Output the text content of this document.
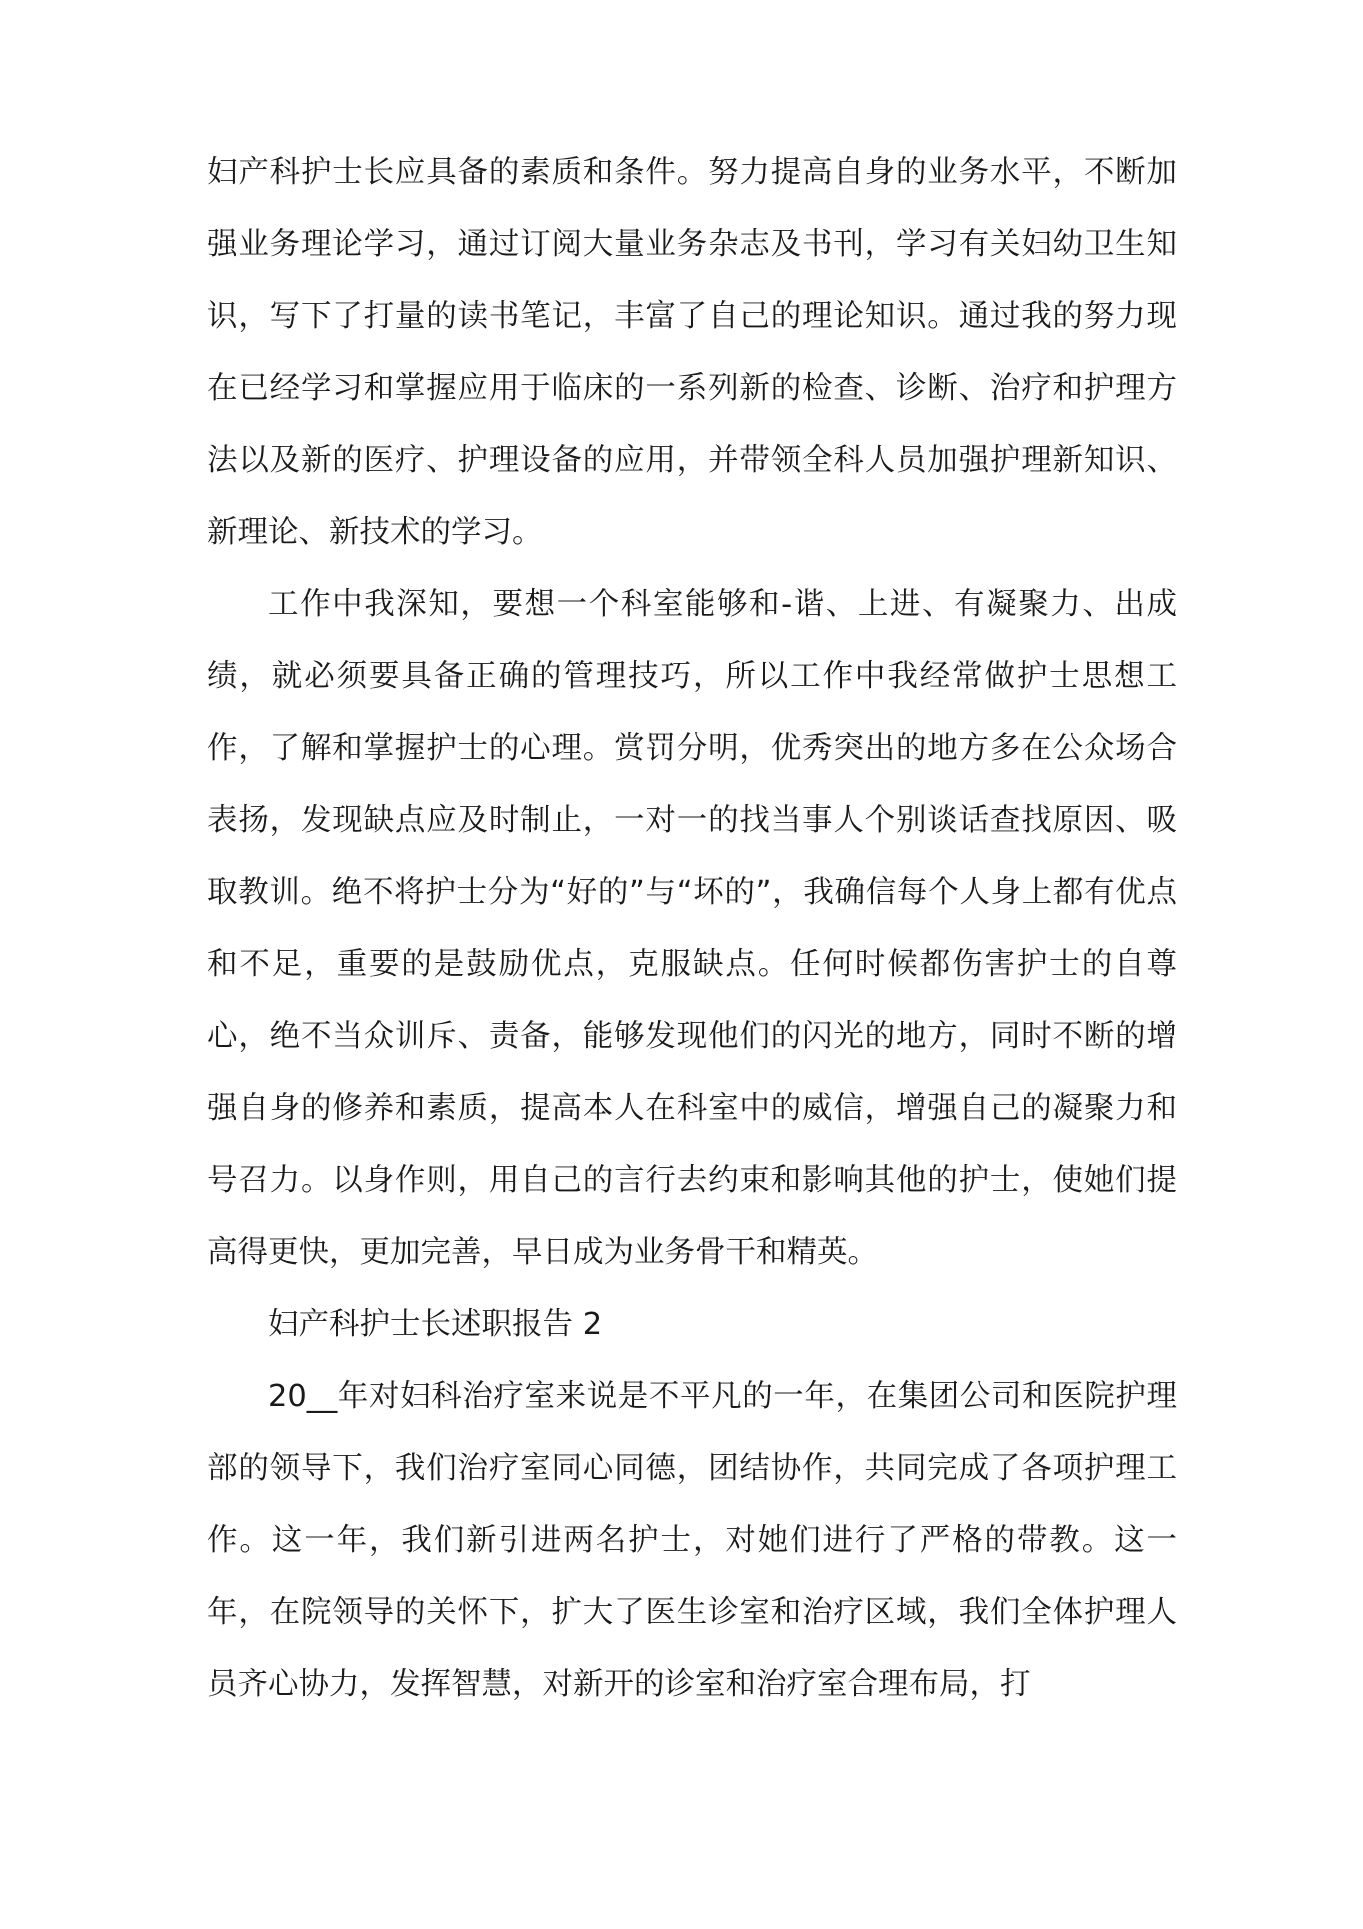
妇产科护士长应具备的素质和条件。努力提高自身的业务水平，不断加强业务理论学习，通过订阅大量业务杂志及书刊，学习有关妇幼卫生知识，写下了打量的读书笔记，丰富了自己的理论知识。通过我的努力现在已经学习和掌握应用于临床的一系列新的检查、诊断、治疗和护理方法以及新的医疗、护理设备的应用，并带领全科人员加强护理新知识、新理论、新技术的学习。

工作中我深知，要想一个科室能够和-谐、上进、有凝聚力、出成绩，就必须要具备正确的管理技巧，所以工作中我经常做护士思想工作，了解和掌握护士的心理。赏罚分明，优秀突出的地方多在公众场合表扬，发现缺点应及时制止，一对一的找当事人个别谈话查找原因、吸取教训。绝不将护士分为“好的”与“坏的”，我确信每个人身上都有优点和不足，重要的是鼓励优点，克服缺点。任何时候都伤害护士的自尊心，绝不当众训斥、责备，能够发现他们的闪光的地方，同时不断的增强自身的修养和素质，提高本人在科室中的威信，增强自己的凝聚力和号召力。以身作则，用自己的言行去约束和影响其他的护士，使她们提高得更快，更加完善，早日成为业务骨干和精英。

妇产科护士长述职报告 2

20__年对妇科治疗室来说是不平凡的一年，在集团公司和医院护理部的领导下，我们治疗室同心同德，团结协作，共同完成了各项护理工作。这一年，我们新引进两名护士，对她们进行了严格的带教。这一年，在院领导的关怀下，扩大了医生诊室和治疗区域，我们全体护理人员齐心协力，发挥智慧，对新开的诊室和治疗室合理布局，打
